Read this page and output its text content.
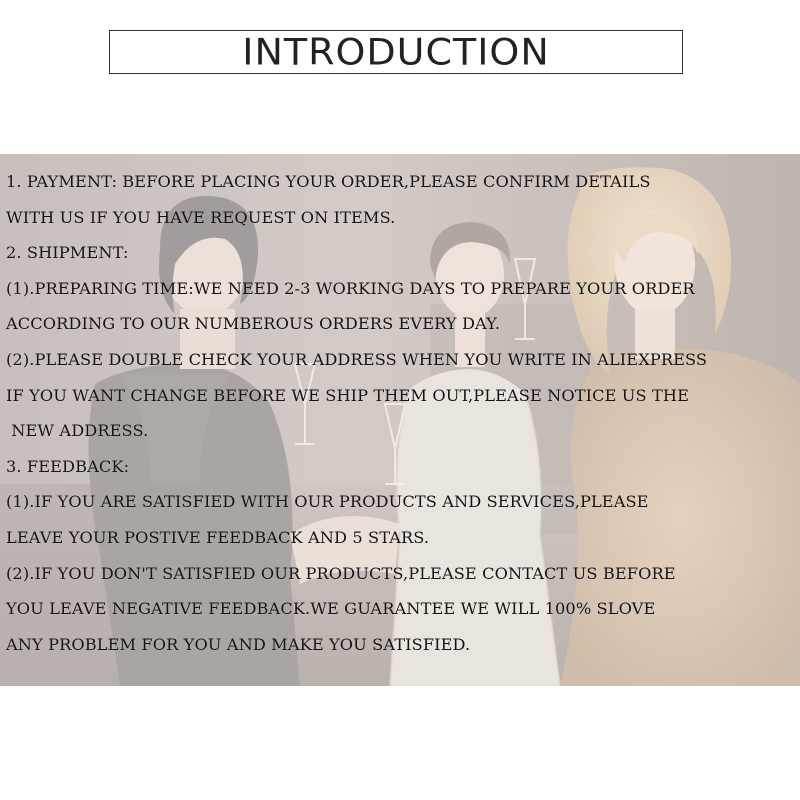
INTRODUCTION
1. PAYMENT: BEFORE PLACING YOUR ORDER,PLEASE CONFIRM DETAILS
WITH US IF YOU HAVE REQUEST ON ITEMS.
2. SHIPMENT:
(1).PREPARING TIME:WE NEED 2-3 WORKING DAYS TO PREPARE YOUR ORDER
ACCORDING TO OUR NUMBEROUS ORDERS EVERY DAY.
(2).PLEASE DOUBLE CHECK YOUR ADDRESS WHEN YOU WRITE IN ALIEXPRESS
IF YOU WANT CHANGE BEFORE WE SHIP THEM OUT,PLEASE NOTICE US THE
NEW ADDRESS.
3. FEEDBACK:
(1).IF YOU ARE SATISFIED WITH OUR PRODUCTS AND SERVICES,PLEASE
LEAVE YOUR POSTIVE FEEDBACK AND 5 STARS.
(2).IF YOU DON'T SATISFIED OUR PRODUCTS,PLEASE CONTACT US BEFORE
YOU LEAVE NEGATIVE FEEDBACK.WE GUARANTEE WE WILL 100% SLOVE
ANY PROBLEM FOR YOU AND MAKE YOU SATISFIED.
